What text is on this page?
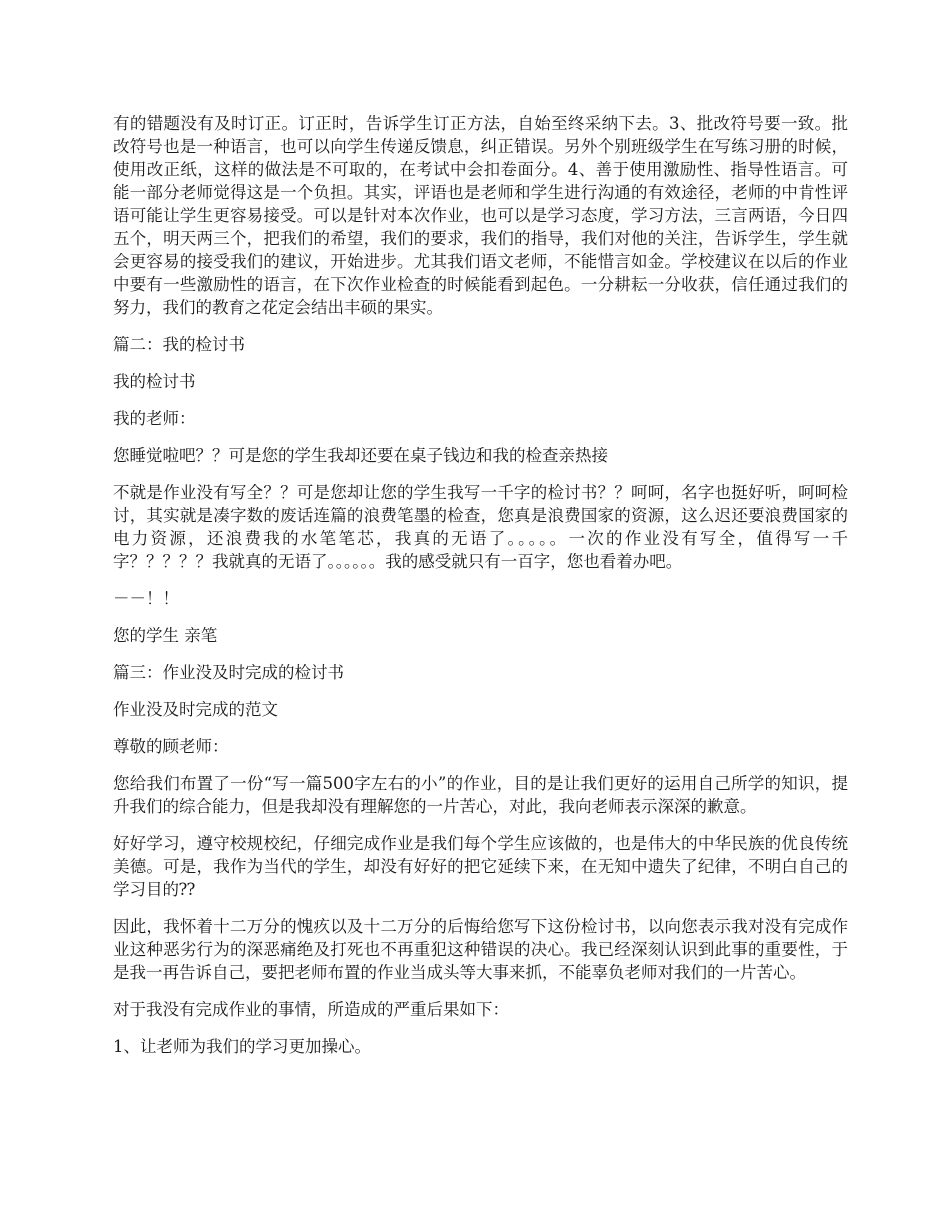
有的错题没有及时订正。订正时，告诉学生订正方法，自始至终采纳下去。3、批改符号要一致。批改符号也是一种语言，也可以向学生传递反馈息，纠正错误。另外个别班级学生在写练习册的时候，使用改正纸，这样的做法是不可取的，在考试中会扣卷面分。4、善于使用激励性、指导性语言。可能一部分老师觉得这是一个负担。其实，评语也是老师和学生进行沟通的有效途径，老师的中肯性评语可能让学生更容易接受。可以是针对本次作业，也可以是学习态度，学习方法，三言两语，今日四五个，明天两三个，把我们的希望，我们的要求，我们的指导，我们对他的关注，告诉学生，学生就会更容易的接受我们的建议，开始进步。尤其我们语文老师，不能惜言如金。学校建议在以后的作业中要有一些激励性的语言，在下次作业检查的时候能看到起色。一分耕耘一分收获，信任通过我们的努力，我们的教育之花定会结出丰硕的果实。

篇二：我的检讨书

我的检讨书

我的老师：

您睡觉啦吧？？可是您的学生我却还要在桌子钱边和我的检查亲热接

不就是作业没有写全？？可是您却让您的学生我写一千字的检讨书？？呵呵，名字也挺好听，呵呵检讨，其实就是凑字数的废话连篇的浪费笔墨的检查，您真是浪费国家的资源，这么迟还要浪费国家的电力资源，还浪费我的水笔笔芯，我真的无语了。。。。。一次的作业没有写全，值得写一千字？？？？？我就真的无语了。。。。。。我的感受就只有一百字，您也看着办吧。

－－！！

您的学生 亲笔

篇三：作业没及时完成的检讨书

作业没及时完成的范文

尊敬的顾老师：

您给我们布置了一份“写一篇500字左右的小”的作业，目的是让我们更好的运用自己所学的知识，提升我们的综合能力，但是我却没有理解您的一片苦心，对此，我向老师表示深深的歉意。

好好学习，遵守校规校纪，仔细完成作业是我们每个学生应该做的，也是伟大的中华民族的优良传统美德。可是，我作为当代的学生，却没有好好的把它延续下来，在无知中遗失了纪律，不明白自己的学习目的⁇

因此，我怀着十二万分的愧疚以及十二万分的后悔给您写下这份检讨书，以向您表示我对没有完成作业这种恶劣行为的深恶痛绝及打死也不再重犯这种错误的决心。我已经深刻认识到此事的重要性，于是我一再告诉自己，要把老师布置的作业当成头等大事来抓，不能辜负老师对我们的一片苦心。

对于我没有完成作业的事情，所造成的严重后果如下：

1、让老师为我们的学习更加操心。
